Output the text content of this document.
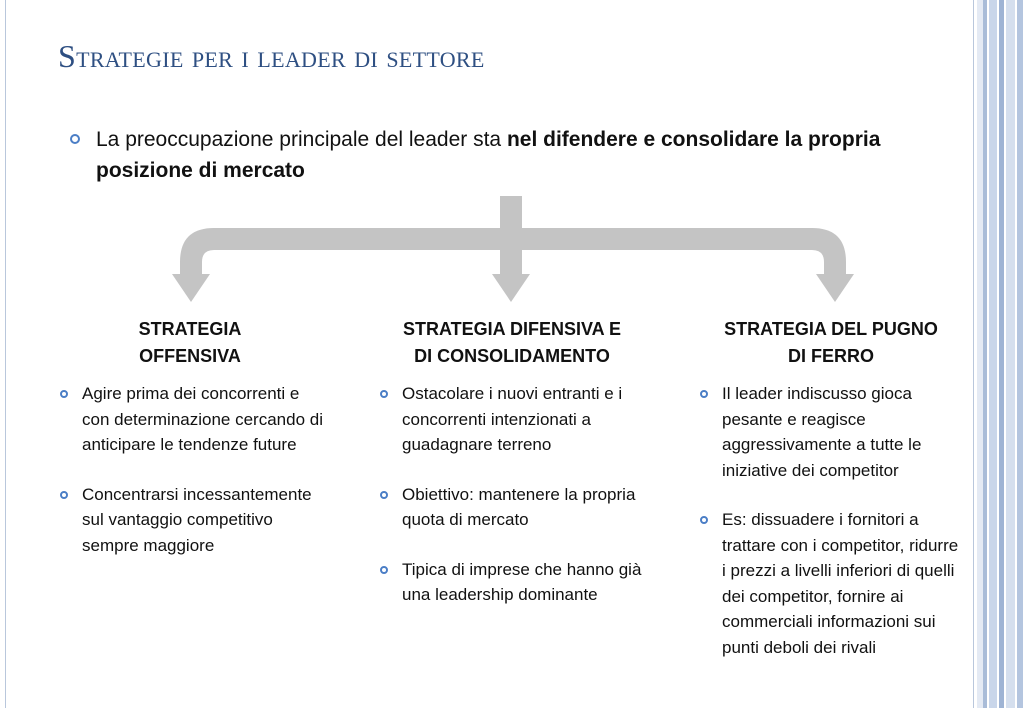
Strategie per i leader di settore
La preoccupazione principale del leader sta nel difendere e consolidare la propria posizione di mercato
STRATEGIA
OFFENSIVA
Agire prima dei concorrenti e con determinazione cercando di anticipare le tendenze future
Concentrarsi incessantemente sul vantaggio competitivo sempre maggiore
STRATEGIA DIFENSIVA E
DI CONSOLIDAMENTO
Ostacolare i nuovi entranti e i concorrenti intenzionati a guadagnare terreno
Obiettivo: mantenere la propria quota di mercato
Tipica di imprese che hanno già una leadership dominante
STRATEGIA DEL PUGNO
DI FERRO
Il leader indiscusso gioca pesante e reagisce aggressivamente a tutte le iniziative dei competitor
Es: dissuadere i fornitori a trattare con i competitor, ridurre i prezzi a livelli inferiori di quelli dei competitor, fornire ai commerciali informazioni sui punti deboli dei rivali
